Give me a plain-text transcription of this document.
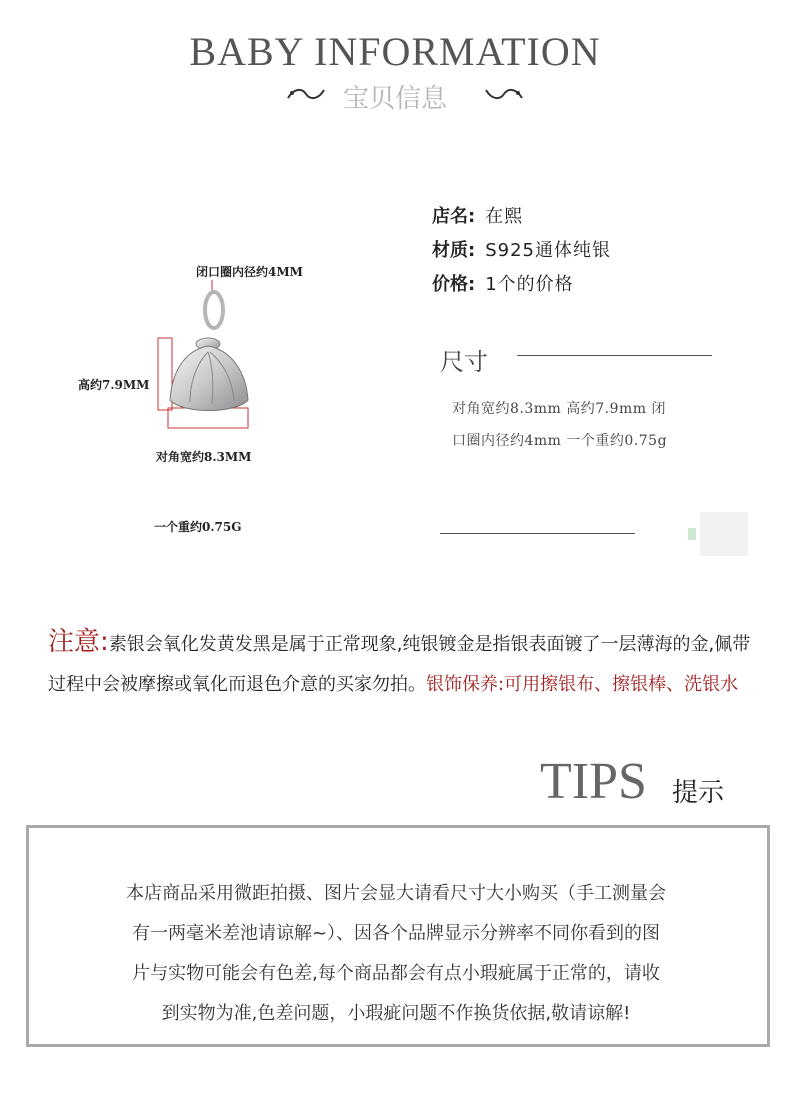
BABY INFORMATION
宝贝信息
闭口圈内径约4MM
高约7.9MM
对角宽约8.3MM
一个重约0.75G
店名: 在熙
材质: S925通体纯银
价格: 1个的价格
尺寸
对角宽约8.3mm 高约7.9mm 闭
口圈内径约4mm 一个重约0.75g
注意:素银会氧化发黄发黑是属于正常现象,纯银镀金是指银表面镀了一层薄海的金,佩带过程中会被摩擦或氧化而退色介意的买家勿拍。银饰保养:可用擦银布、擦银棒、洗银水
TIPS 提示
本店商品采用微距拍摄、图片会显大请看尺寸大小购买（手工测量会
有一两毫米差池请谅解~）、因各个品牌显示分辨率不同你看到的图
片与实物可能会有色差,每个商品都会有点小瑕疵属于正常的，请收
到实物为准,色差问题，小瑕疵问题不作换货依据,敬请谅解!
